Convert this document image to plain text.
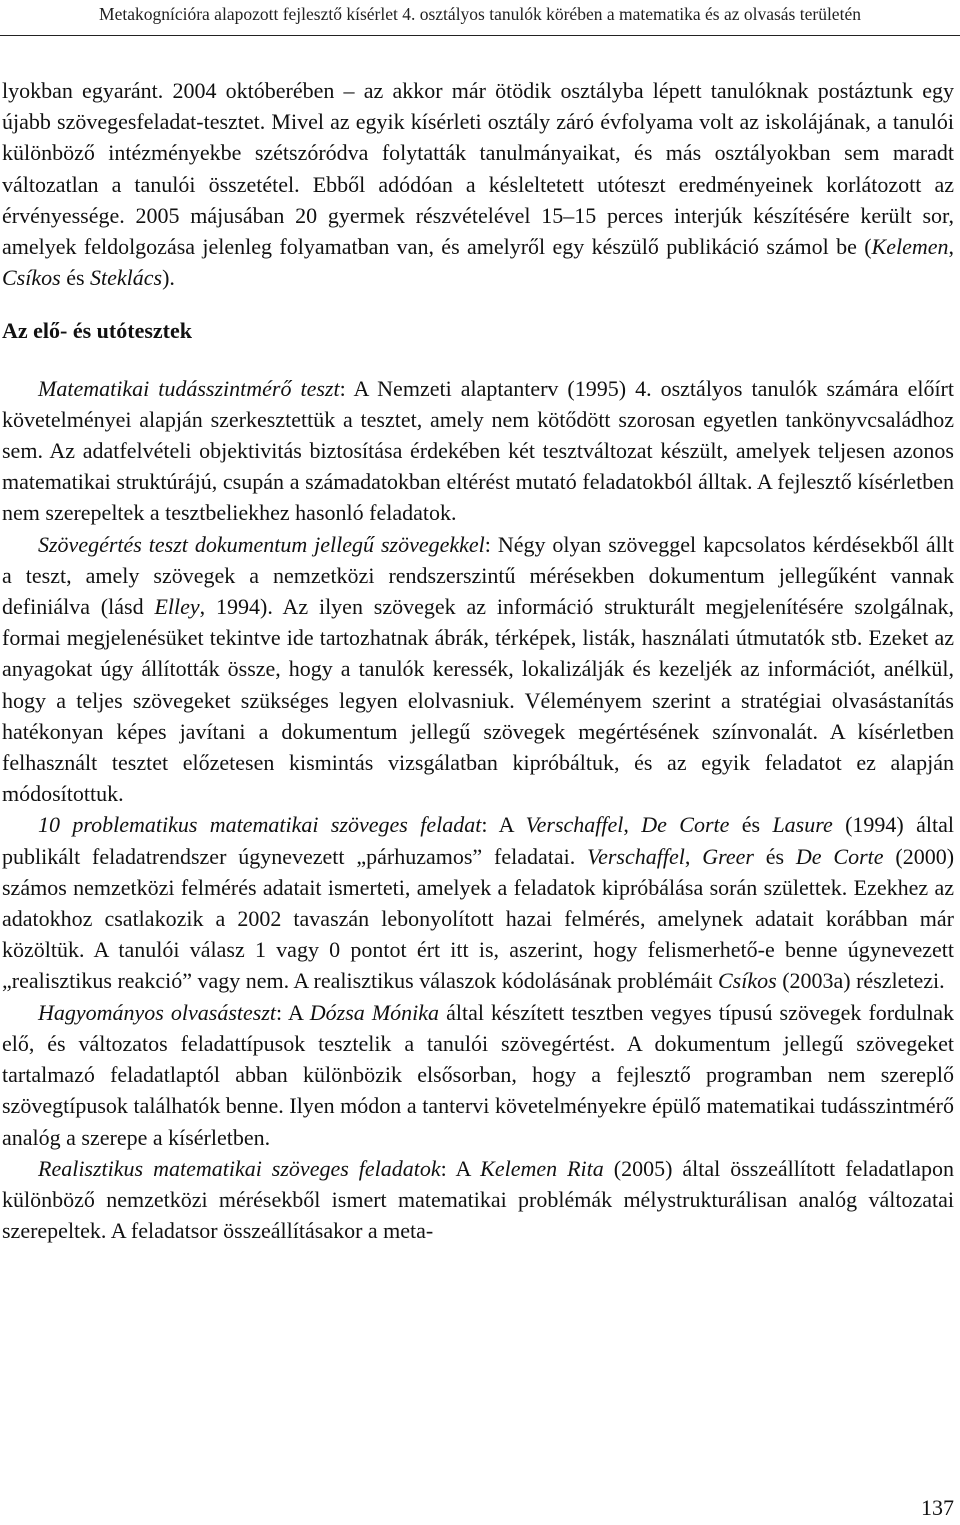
Metakognícióra alapozott fejlesztő kísérlet 4. osztályos tanulók körében a matematika és az olvasás területén

lyokban egyaránt. 2004 októberében – az akkor már ötödik osztályba lépett tanulóknak postáztunk egy újabb szövegesfeladat-tesztet. Mivel az egyik kísérleti osztály záró évfolyama volt az iskolájának, a tanulói különböző intézményekbe szétszóródva folytatták tanulmányaikat, és más osztályokban sem maradt változatlan a tanulói összetétel. Ebből adódóan a késleltetett utóteszt eredményeinek korlátozott az érvényessége. 2005 májusában 20 gyermek részvételével 15–15 perces interjúk készítésére került sor, amelyek feldolgozása jelenleg folyamatban van, és amelyről egy készülő publikáció számol be (Kelemen, Csíkos és Steklács).

Az elő- és utótesztek

Matematikai tudásszintmérő teszt: A Nemzeti alaptanterv (1995) 4. osztályos tanulók számára előírt követelményei alapján szerkesztettük a tesztet, amely nem kötődött szorosan egyetlen tankönyvcsaládhoz sem. Az adatfelvételi objektivitás biztosítása érdekében két tesztváltozat készült, amelyek teljesen azonos matematikai struktúrájú, csupán a számadatokban eltérést mutató feladatokból álltak. A fejlesztő kísérletben nem szerepeltek a tesztbeliekhez hasonló feladatok.

Szövegértés teszt dokumentum jellegű szövegekkel: Négy olyan szöveggel kapcsolatos kérdésekből állt a teszt, amely szövegek a nemzetközi rendszerszintű mérésekben dokumentum jellegűként vannak definiálva (lásd Elley, 1994). Az ilyen szövegek az információ strukturált megjelenítésére szolgálnak, formai megjelenésüket tekintve ide tartozhatnak ábrák, térképek, listák, használati útmutatók stb. Ezeket az anyagokat úgy állították össze, hogy a tanulók keressék, lokalizálják és kezeljék az információt, anélkül, hogy a teljes szövegeket szükséges legyen elolvasniuk. Véleményem szerint a stratégiai olvasástanítás hatékonyan képes javítani a dokumentum jellegű szövegek megértésének színvonalát. A kísérletben felhasznált tesztet előzetesen kismintás vizsgálatban kipróbáltuk, és az egyik feladatot ez alapján módosítottuk.

10 problematikus matematikai szöveges feladat: A Verschaffel, De Corte és Lasure (1994) által publikált feladatrendszer úgynevezett „párhuzamos” feladatai. Verschaffel, Greer és De Corte (2000) számos nemzetközi felmérés adatait ismerteti, amelyek a feladatok kipróbálása során születtek. Ezekhez az adatokhoz csatlakozik a 2002 tavaszán lebonyolított hazai felmérés, amelynek adatait korábban már közöltük. A tanulói válasz 1 vagy 0 pontot ért itt is, aszerint, hogy felismerhető-e benne úgynevezett „realisztikus reakció” vagy nem. A realisztikus válaszok kódolásának problémáit Csíkos (2003a) részletezi.

Hagyományos olvasásteszt: A Dózsa Mónika által készített tesztben vegyes típusú szövegek fordulnak elő, és változatos feladattípusok tesztelik a tanulói szövegértést. A dokumentum jellegű szövegeket tartalmazó feladatlaptól abban különbözik elsősorban, hogy a fejlesztő programban nem szereplő szövegtípusok találhatók benne. Ilyen módon a tantervi követelményekre épülő matematikai tudásszintmérő analóg a szerepe a kísérletben.

Realisztikus matematikai szöveges feladatok: A Kelemen Rita (2005) által összeállított feladatlapon különböző nemzetközi mérésekből ismert matematikai problémák mélystrukturálisan analóg változatai szerepeltek. A feladatsor összeállításakor a meta-

137
